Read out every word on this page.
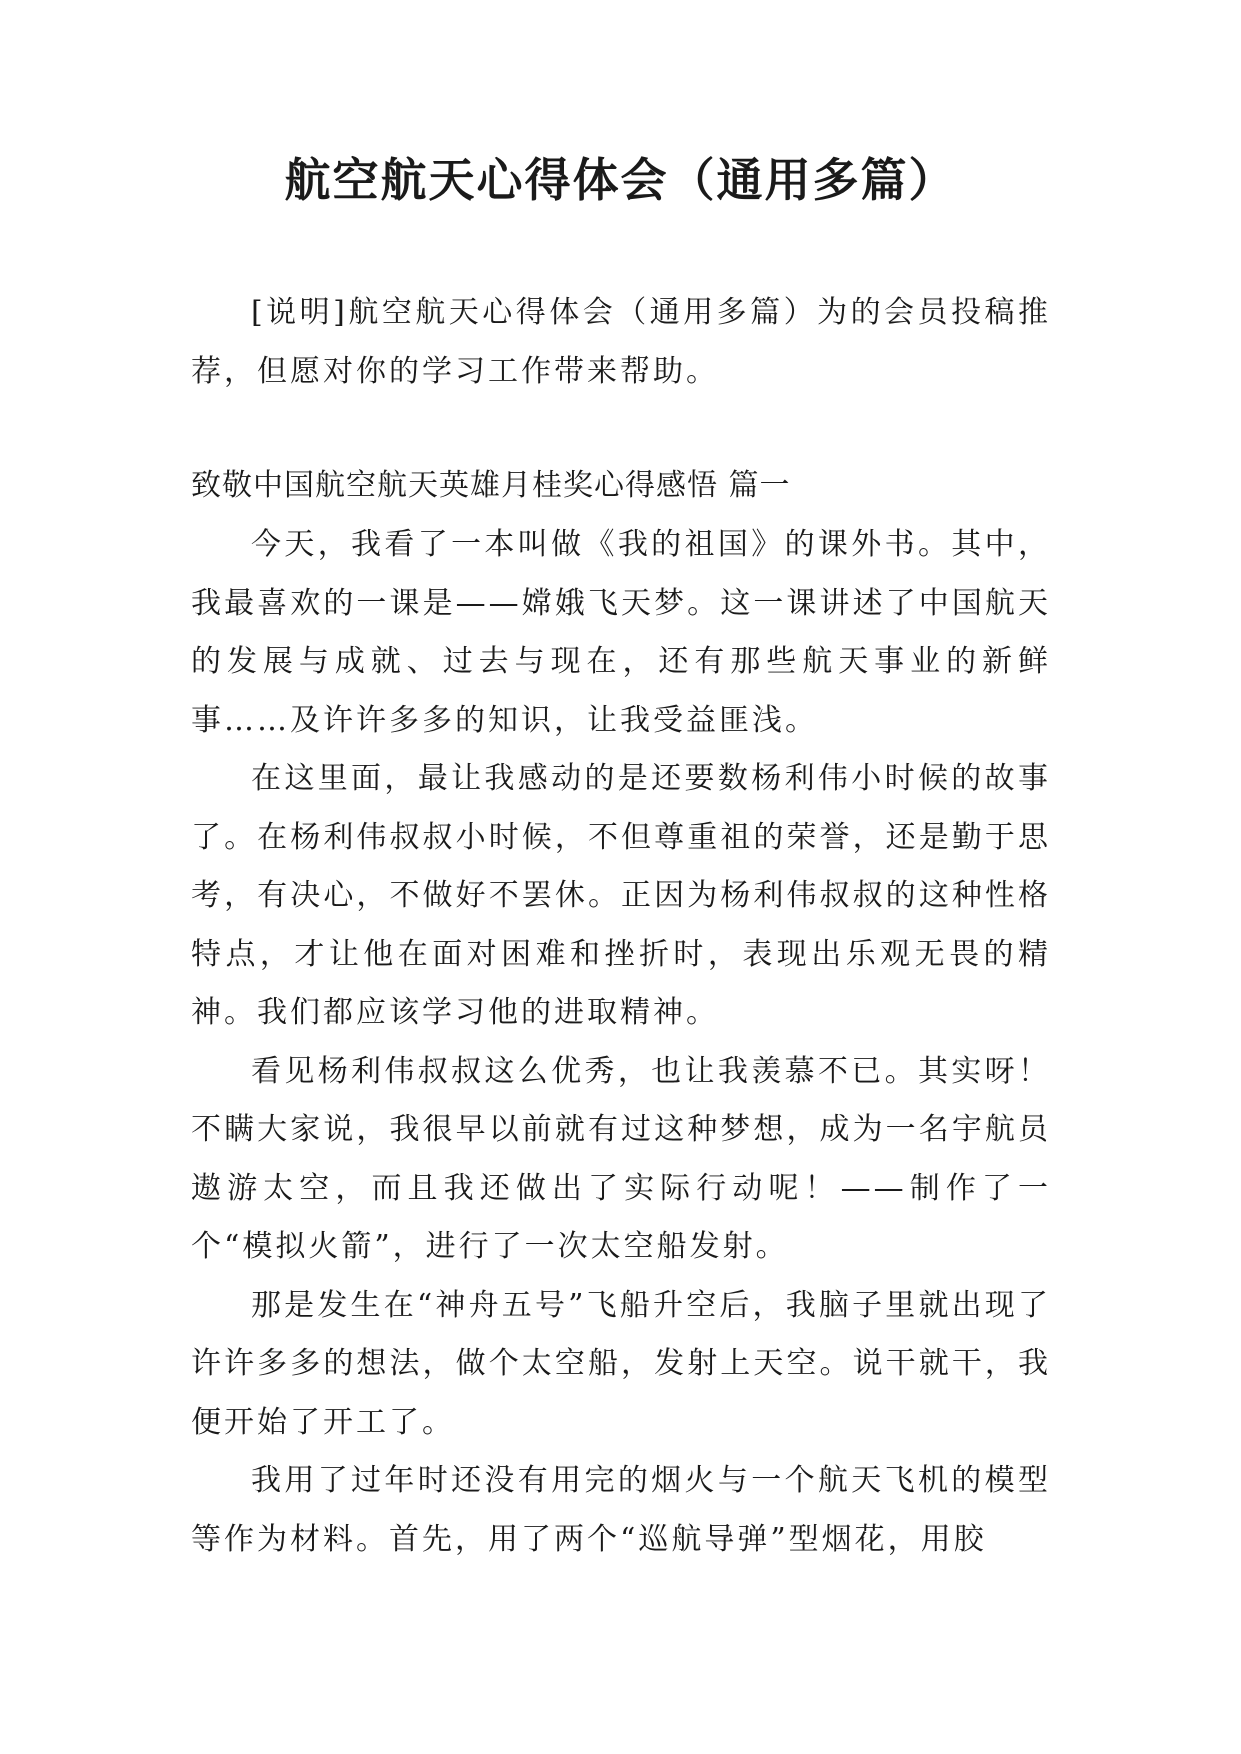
航空航天心得体会（通用多篇）

[说明]航空航天心得体会（通用多篇）为的会员投稿推荐，但愿对你的学习工作带来帮助。

致敬中国航空航天英雄月桂奖心得感悟 篇一

今天，我看了一本叫做《我的祖国》的课外书。其中，我最喜欢的一课是——嫦娥飞天梦。这一课讲述了中国航天的发展与成就、过去与现在，还有那些航天事业的新鲜事……及许许多多的知识，让我受益匪浅。

在这里面，最让我感动的是还要数杨利伟小时候的故事了。在杨利伟叔叔小时候，不但尊重祖的荣誉，还是勤于思考，有决心，不做好不罢休。正因为杨利伟叔叔的这种性格特点，才让他在面对困难和挫折时，表现出乐观无畏的精神。我们都应该学习他的进取精神。

看见杨利伟叔叔这么优秀，也让我羡慕不已。其实呀！不瞒大家说，我很早以前就有过这种梦想，成为一名宇航员遨游太空，而且我还做出了实际行动呢！——制作了一个“模拟火箭”，进行了一次太空船发射。

那是发生在“神舟五号”飞船升空后，我脑子里就出现了许许多多的想法，做个太空船，发射上天空。说干就干，我便开始了开工了。

我用了过年时还没有用完的烟火与一个航天飞机的模型等作为材料。首先，用了两个“巡航导弹”型烟花，用胶
